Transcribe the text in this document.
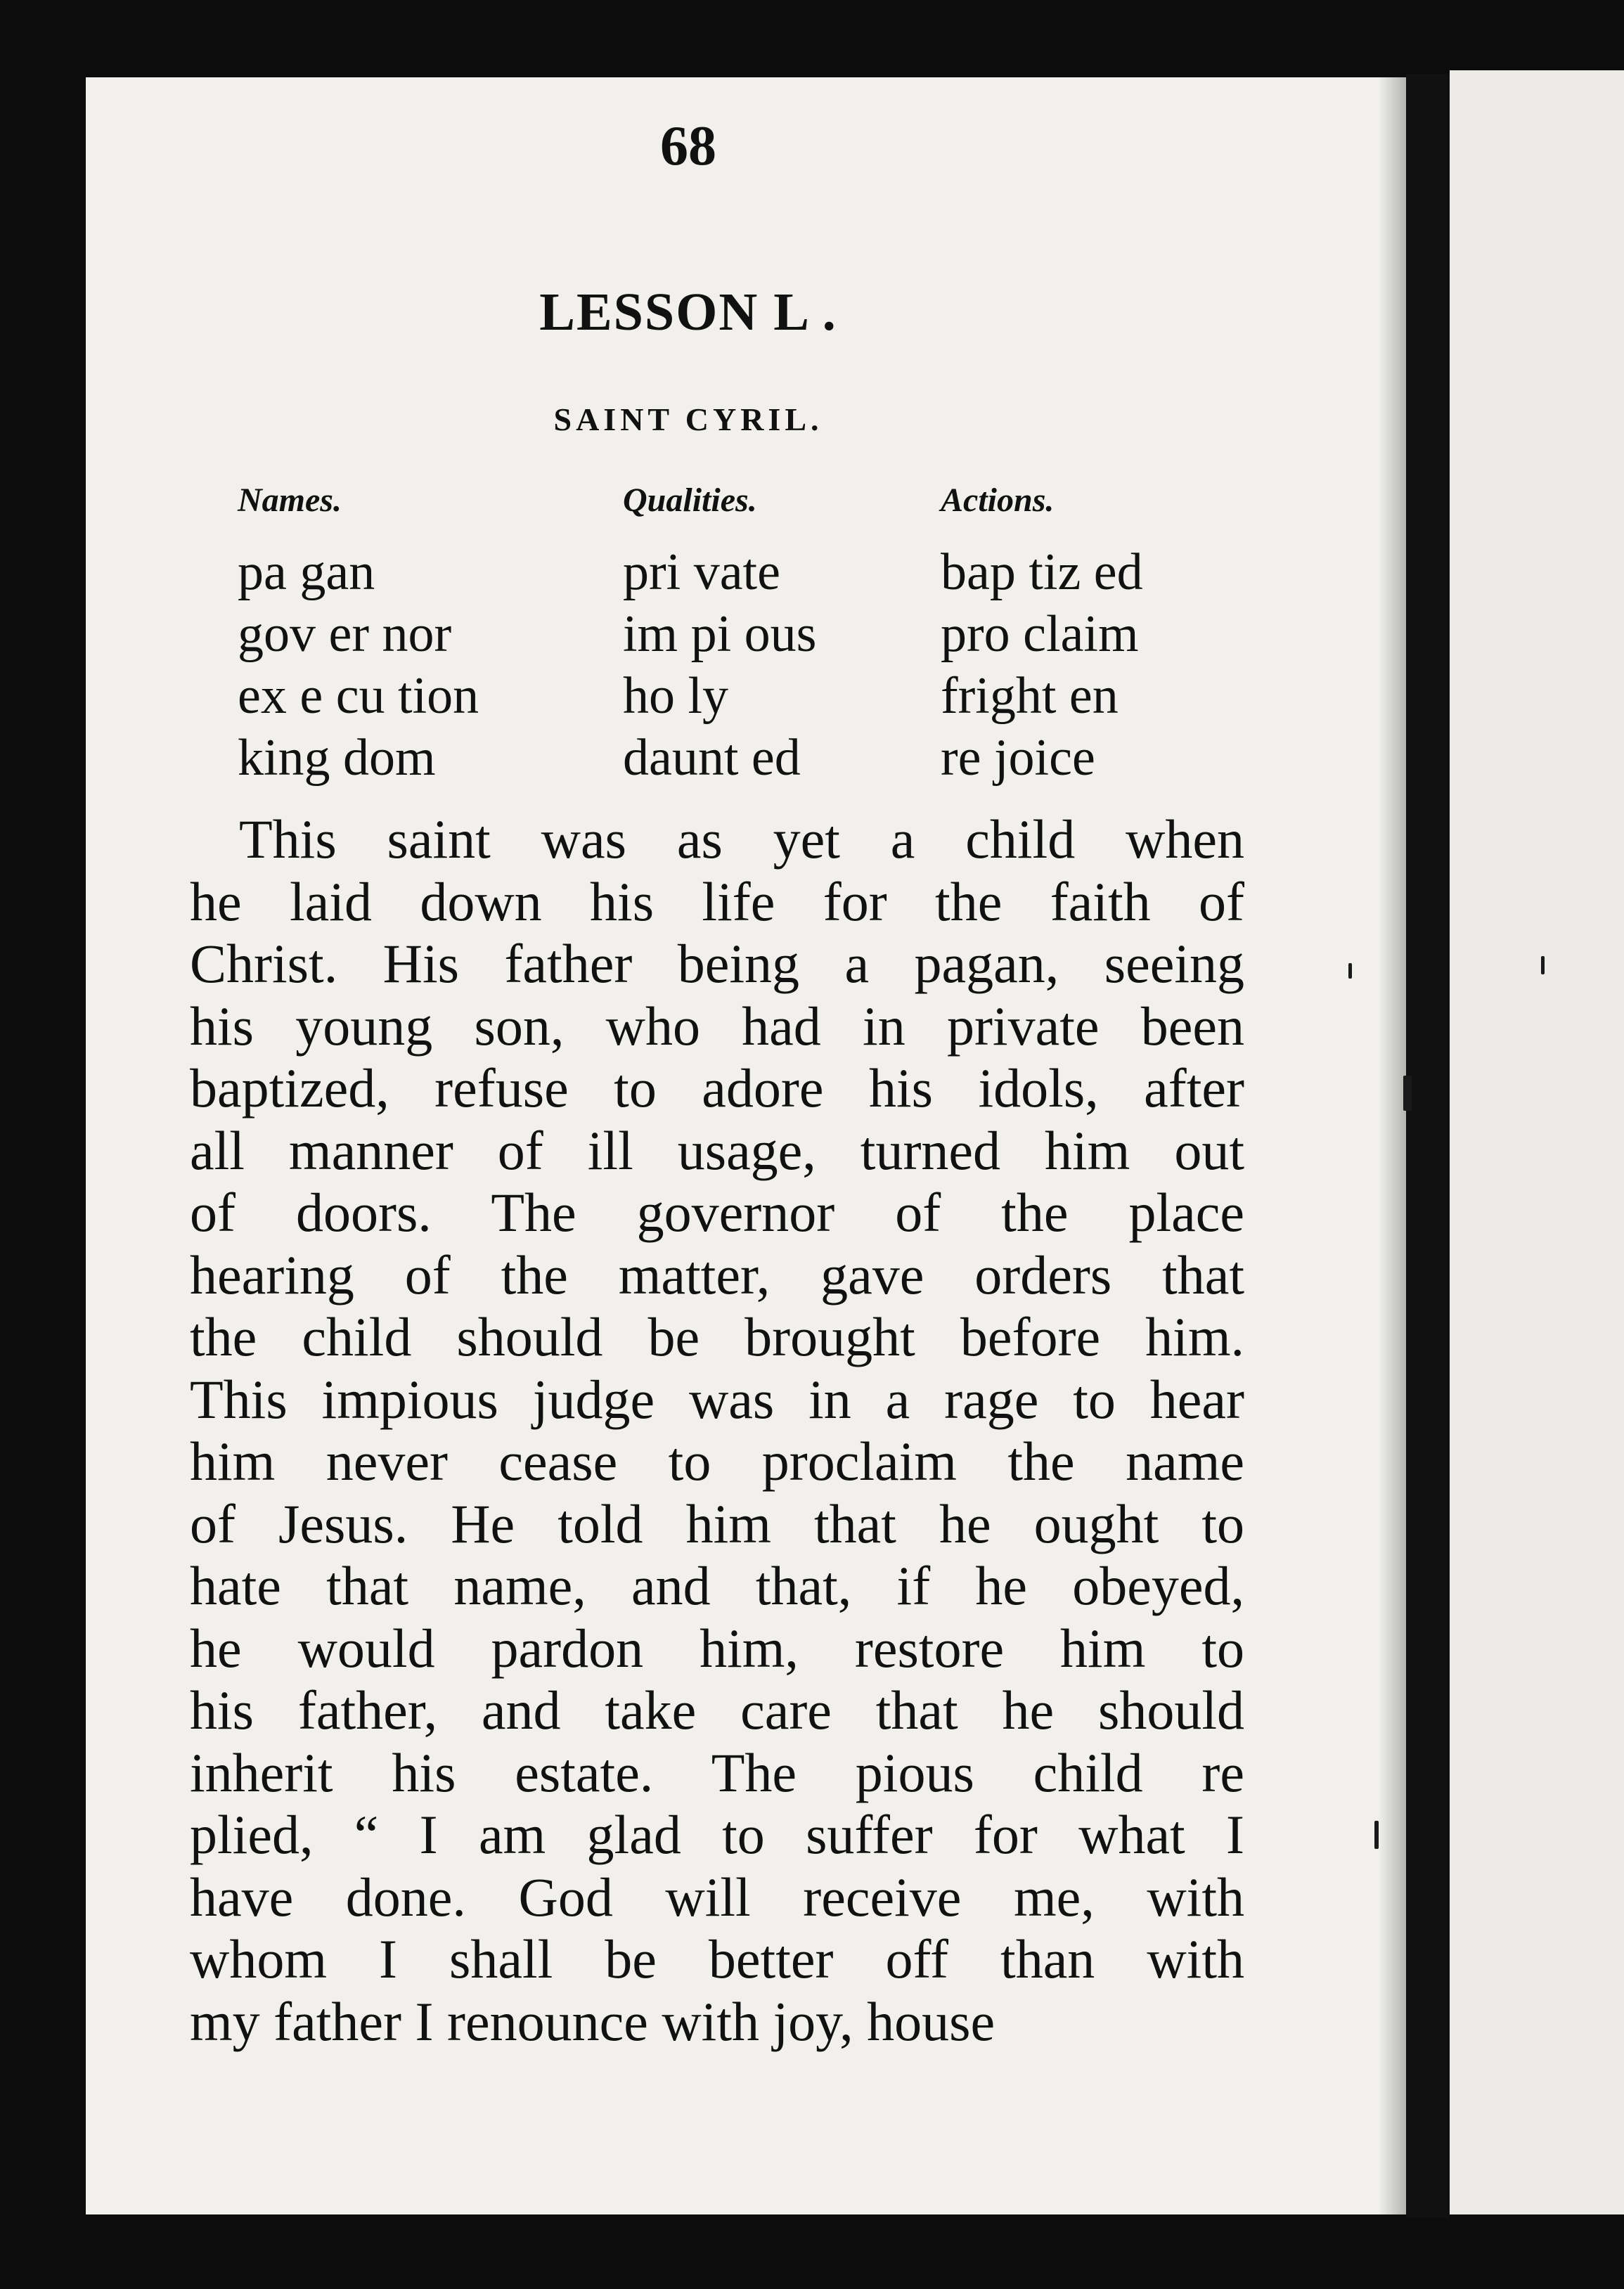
68
LESSON L .
SAINT CYRIL.
Names.
pa gan
gov er nor
ex e cu tion
king dom
Qualities.
pri vate
im pi ous
ho ly
daunt ed
Actions.
bap tiz ed
pro claim
fright en
re joice
This saint was as yet a child when
he laid down his life for the faith of
Christ. His father being a pagan, seeing
his young son, who had in private been
baptized, refuse to adore his idols, after
all manner of ill usage, turned him out
of doors. The governor of the place
hearing of the matter, gave orders that
the child should be brought before him.
This impious judge was in a rage to hear
him never cease to proclaim the name
of Jesus. He told him that he ought to
hate that name, and that, if he obeyed,
he would pardon him, restore him to
his father, and take care that he should
inherit his estate. The pious child re
plied, “ I am glad to suffer for what I
have done. God will receive me, with
whom I shall be better off than with
my father I renounce with joy, house
